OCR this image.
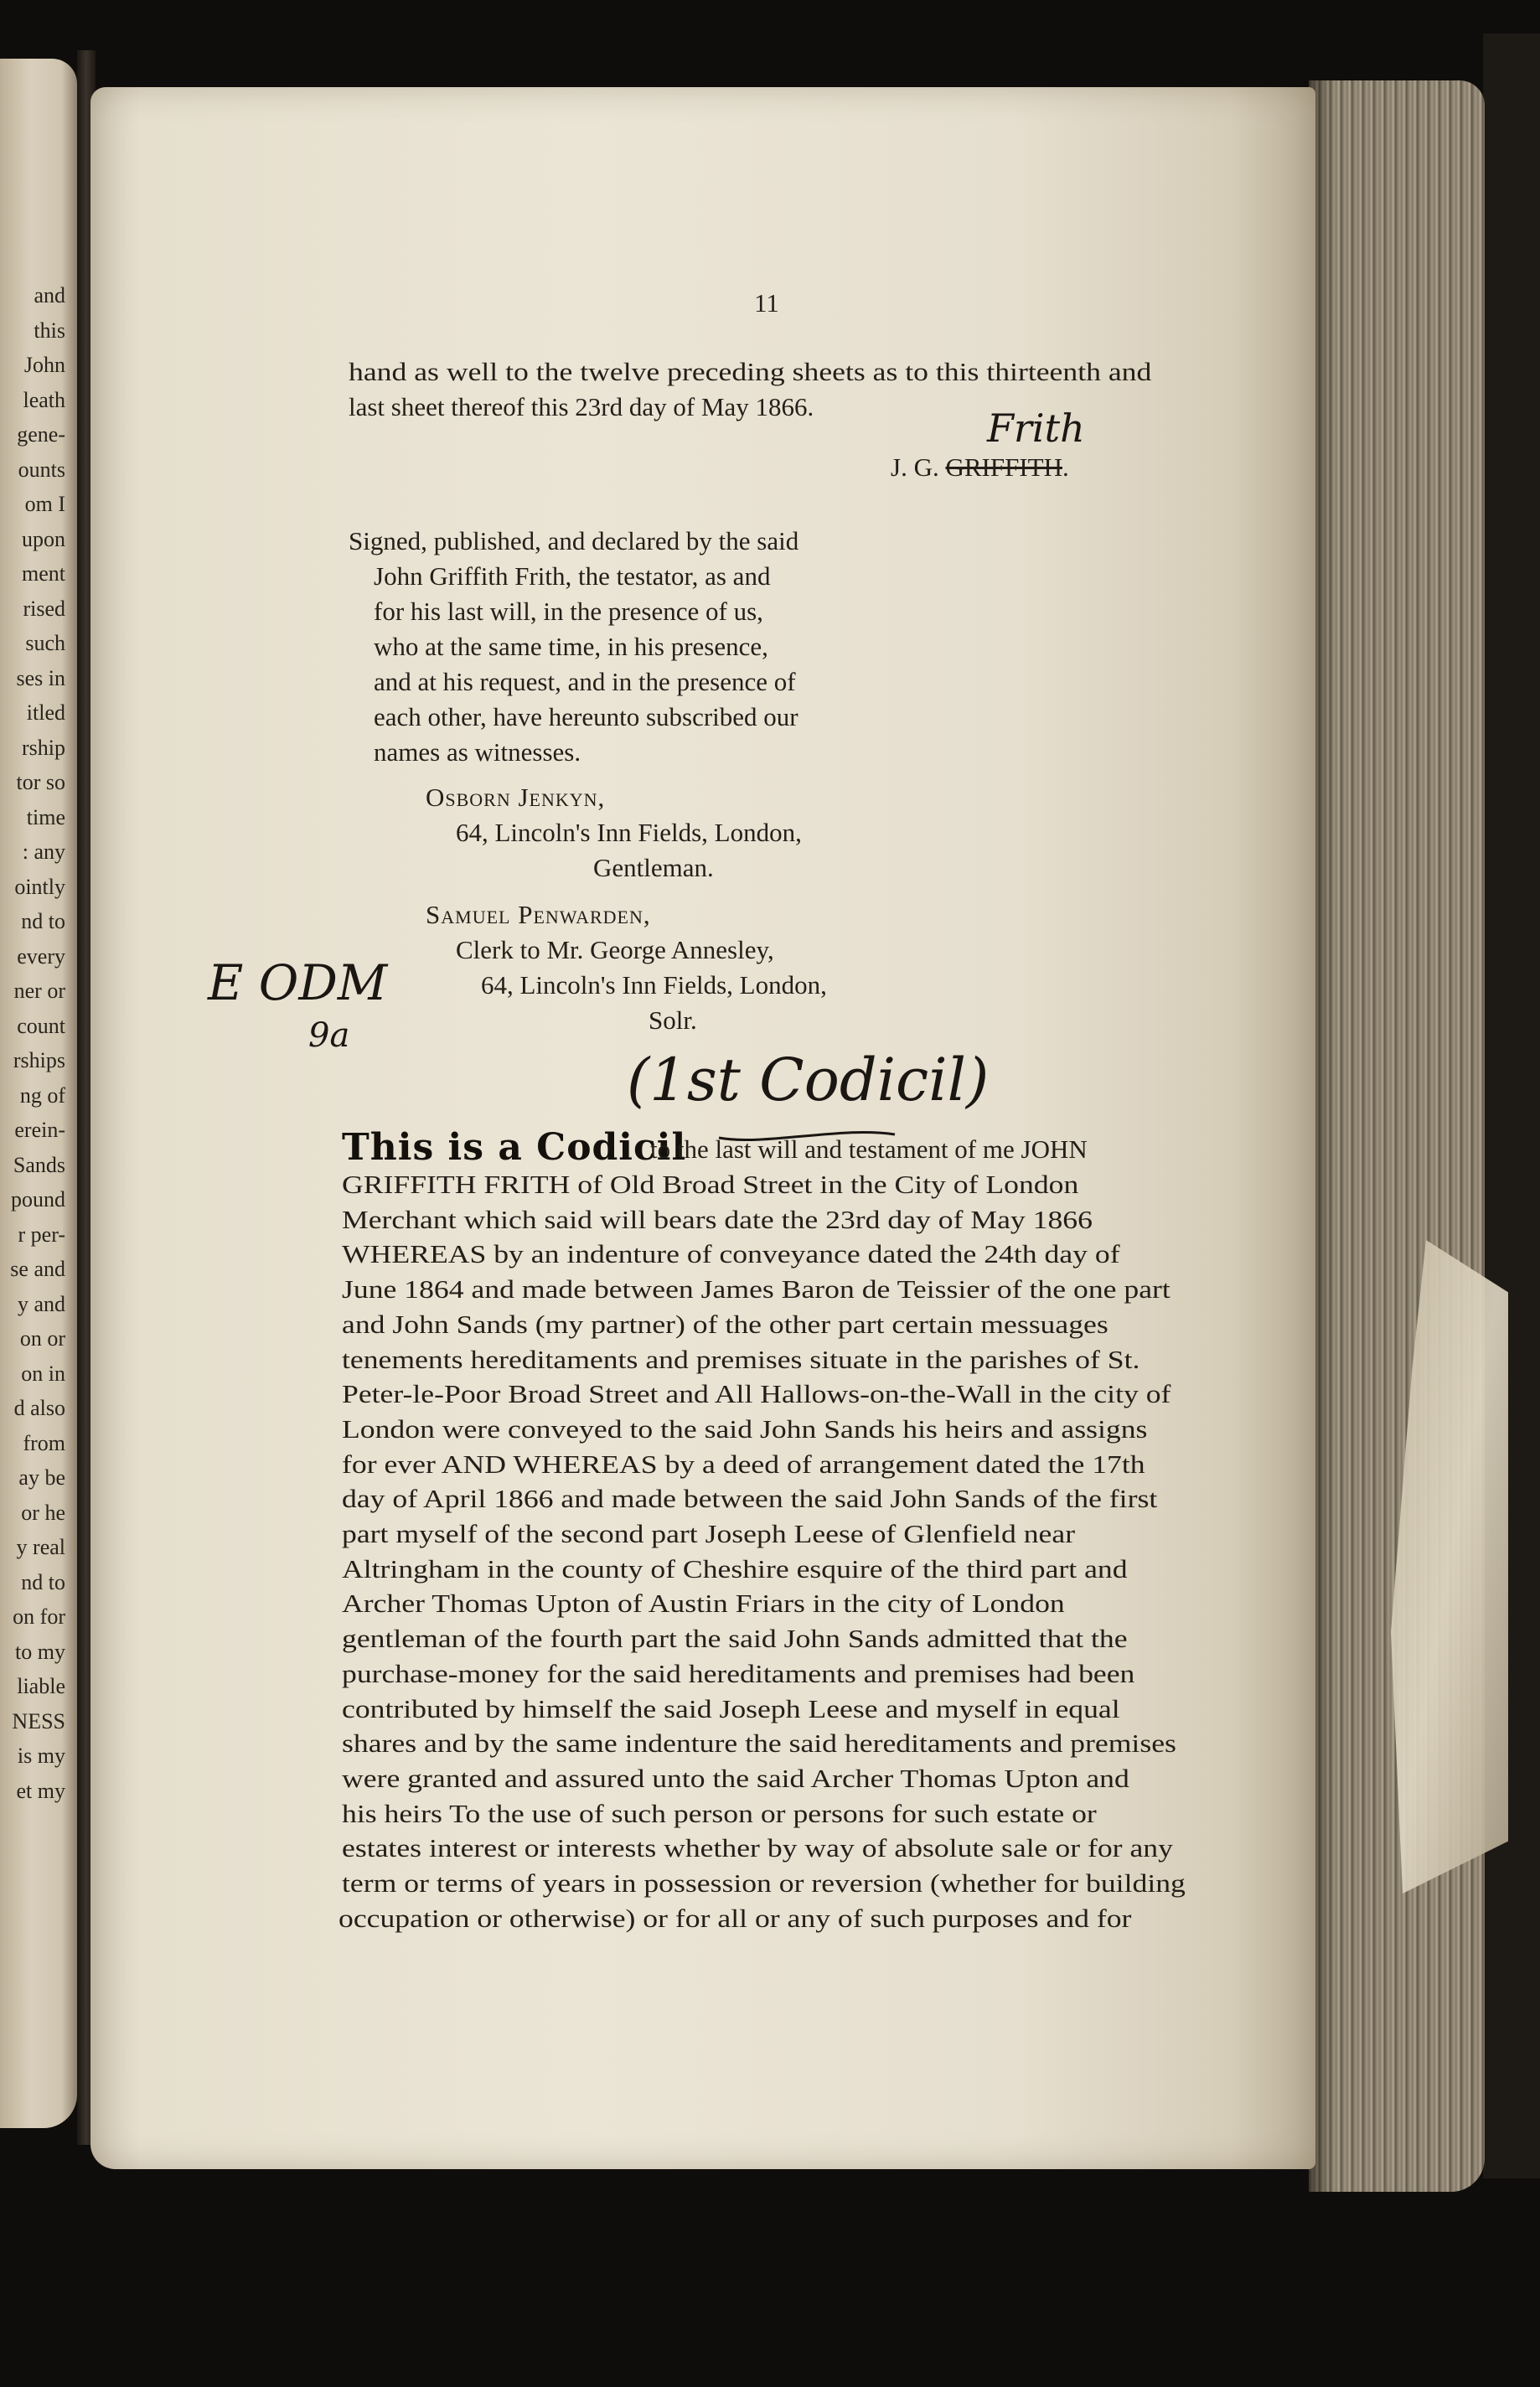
and
this
John
leath
gene-
ounts
om I
upon
ment
rised
such
ses in
itled
rship
tor so
time
: any
ointly
nd to
every
ner or
count
rships
ng of
erein-
Sands
pound
r per-
se and
y and
on or
on in
d also
from
ay be
or he
y real
nd to
on for
to my
liable
NESS
is my
et my
11
hand as well to the twelve preceding sheets as to this thirteenth and
last sheet thereof this 23rd day of May 1866.	Frith
J. G. GRIFFITH.
Signed, published, and declared by the said
John Griffith Frith, the testator, as and
for his last will, in the presence of us,
who at the same time, in his presence,
and at his request, and in the presence of
each other, have hereunto subscribed our
names as witnesses.
Osborn Jenkyn,
64, Lincoln's Inn Fields, London,
Gentleman.
Samuel Penwarden,
Clerk to Mr. George Annesley,
64, Lincoln's Inn Fields, London,
Solr.
E ODM
9a
(1st Codicil)
This is a Codicil
to the last will and testament of me JOHN
GRIFFITH FRITH of Old Broad Street in the City of London
Merchant which said will bears date the 23rd day of May 1866
WHEREAS by an indenture of conveyance dated the 24th day of
June 1864 and made between James Baron de Teissier of the one part
and John Sands (my partner) of the other part certain messuages
tenements hereditaments and premises situate in the parishes of St.
Peter-le-Poor Broad Street and All Hallows-on-the-Wall in the city of
London were conveyed to the said John Sands his heirs and assigns
for ever AND WHEREAS by a deed of arrangement dated the 17th
day of April 1866 and made between the said John Sands of the first
part myself of the second part Joseph Leese of Glenfield near
Altringham in the county of Cheshire esquire of the third part and
Archer Thomas Upton of Austin Friars in the city of London
gentleman of the fourth part the said John Sands admitted that the
purchase-money for the said hereditaments and premises had been
contributed by himself the said Joseph Leese and myself in equal
shares and by the same indenture the said hereditaments and premises
were granted and assured unto the said Archer Thomas Upton and
his heirs To the use of such person or persons for such estate or
estates interest or interests whether by way of absolute sale or for any
term or terms of years in possession or reversion (whether for building
occupation or otherwise) or for all or any of such purposes and for
